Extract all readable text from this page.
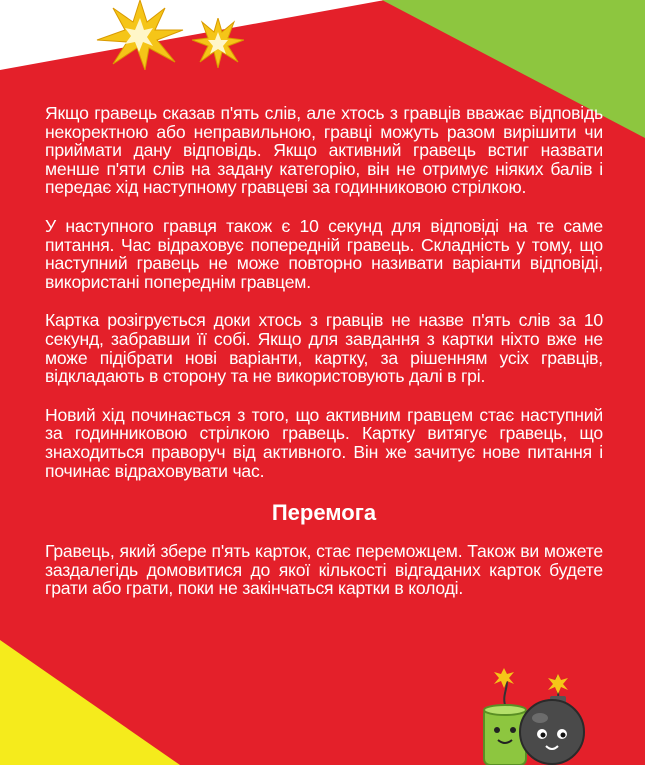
Якщо гравець сказав п'ять слів, але хтось з гравців вважає відповідь некоректною або неправильною, гравці можуть разом вирішити чи приймати дану відповідь. Якщо активний гравець встиг назвати менше п'яти слів на задану категорію, він не отримує ніяких балів і передає хід наступному гравцеві за годинниковою стрілкою.

У наступного гравця також є 10 секунд для відповіді на те саме питання. Час відраховує попередній гравець. Складність у тому, що наступний гравець не може повторно називати варіанти відповіді, використані попереднім гравцем.

Картка розігрується доки хтось з гравців не назве п'ять слів за 10 секунд, забравши її собі. Якщо для завдання з картки ніхто вже не може підібрати нові варіанти, картку, за рішенням усіх гравців, відкладають в сторону та не використовують далі в грі.

Новий хід починається з того, що активним гравцем стає наступний за годинниковою стрілкою гравець. Картку витягує гравець, що знаходиться праворуч від активного. Він же зачитує нове питання і починає відраховувати час.

Перемога

Гравець, який збере п'ять карток, стає переможцем. Також ви можете заздалегідь домовитися до якої кількості відгаданих карток будете грати або грати, поки не закінчаться картки в колоді.
